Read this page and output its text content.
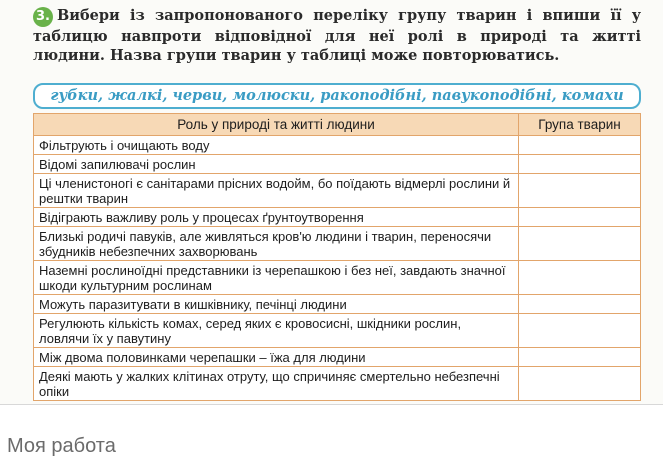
3. Вибери із запропонованого переліку групу тварин і впиши її у таблицю навпроти відповідної для неї ролі в природі та житті людини. Назва групи тварин у таблиці може повторюватись.
губки, жалкі, черви, молюски, ракоподібні, павукоподібні, комахи
Роль у природі та житті людини	Група тварин
Фільтрують і очищають воду	
Відомі запилювачі рослин	
Ці членистоногі є санітарами прісних водойм, бо поїдають відмерлі рослини й рештки тварин	
Відіграють важливу роль у процесах ґрунтоутворення	
Близькі родичі павуків, але живляться кров'ю людини і тварин, переносячи збудників небезпечних захворювань	
Наземні рослиноїдні представники із черепашкою і без неї, завдають значної шкоди культурним рослинам	
Можуть паразитувати в кишківнику, печінці людини	
Регулюють кількість комах, серед яких є кровосисні, шкідники рослин, ловлячи їх у павутину	
Між двома половинками черепашки – їжа для людини	
Деякі мають у жалких клітинах отруту, що спричиняє смертельно небезпечні опіки	
Моя работа
